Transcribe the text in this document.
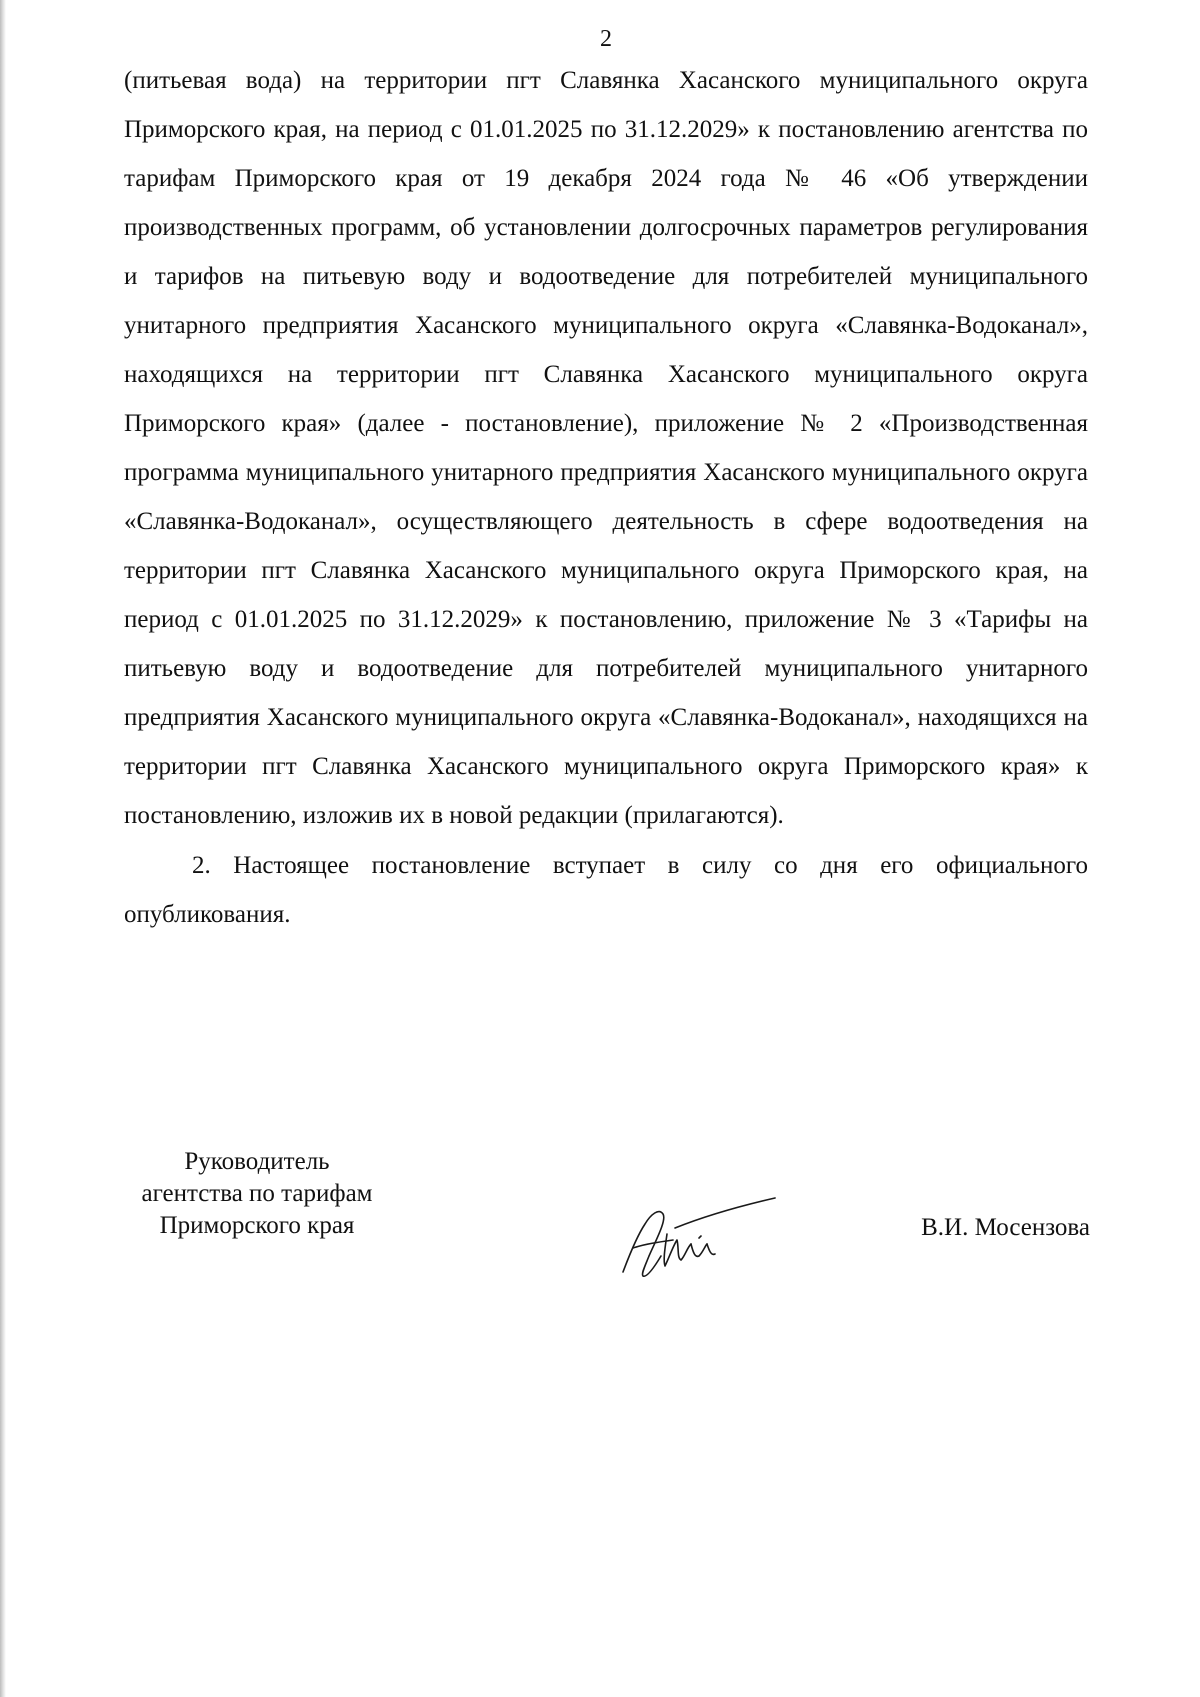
2

(питьевая вода) на территории пгт Славянка Хасанского муниципального округа Приморского края, на период с 01.01.2025 по 31.12.2029» к постановлению агентства по тарифам Приморского края от 19 декабря 2024 года № 46 «Об утверждении производственных программ, об установлении долгосрочных параметров регулирования и тарифов на питьевую воду и водоотведение для потребителей муниципального унитарного предприятия Хасанского муниципального округа «Славянка-Водоканал», находящихся на территории пгт Славянка Хасанского муниципального округа Приморского края» (далее - постановление), приложение № 2 «Производственная программа муниципального унитарного предприятия Хасанского муниципального округа «Славянка-Водоканал», осуществляющего деятельность в сфере водоотведения на территории пгт Славянка Хасанского муниципального округа Приморского края, на период с 01.01.2025 по 31.12.2029» к постановлению, приложение № 3 «Тарифы на питьевую воду и водоотведение для потребителей муниципального унитарного предприятия Хасанского муниципального округа «Славянка-Водоканал», находящихся на территории пгт Славянка Хасанского муниципального округа Приморского края» к постановлению, изложив их в новой редакции (прилагаются).

2. Настоящее постановление вступает в силу со дня его официального опубликования.

Руководитель
агентства по тарифам
Приморского края	В.И. Мосензова
